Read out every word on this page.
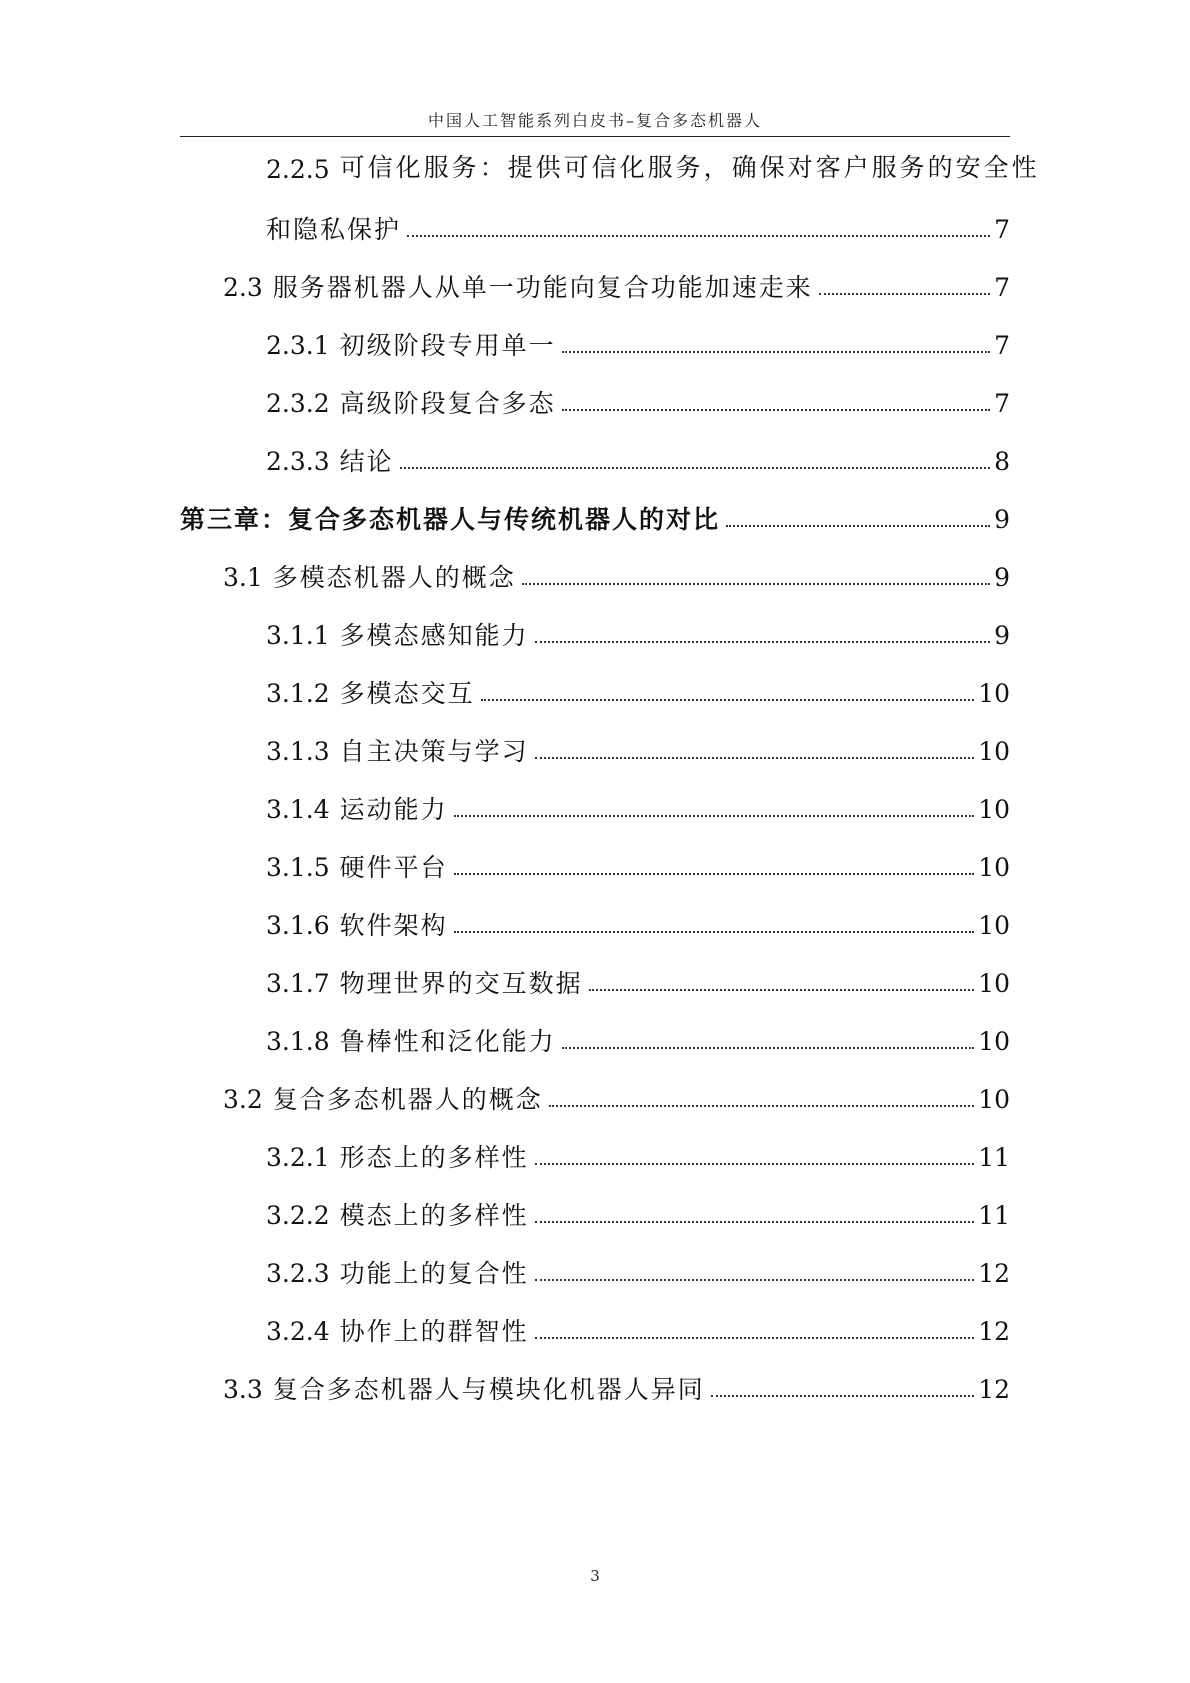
中国人工智能系列白皮书–复合多态机器人
2.2.5 可信化服务：提供可信化服务，确保对客户服务的安全性
和隐私保护	7
2.3 服务器机器人从单一功能向复合功能加速走来	7
2.3.1 初级阶段专用单一	7
2.3.2 高级阶段复合多态	7
2.3.3 结论	8
第三章：复合多态机器人与传统机器人的对比	9
3.1 多模态机器人的概念	9
3.1.1 多模态感知能力	9
3.1.2 多模态交互	10
3.1.3 自主决策与学习	10
3.1.4 运动能力	10
3.1.5 硬件平台	10
3.1.6 软件架构	10
3.1.7 物理世界的交互数据	10
3.1.8 鲁棒性和泛化能力	10
3.2 复合多态机器人的概念	10
3.2.1 形态上的多样性	11
3.2.2 模态上的多样性	11
3.2.3 功能上的复合性	12
3.2.4 协作上的群智性	12
3.3 复合多态机器人与模块化机器人异同	12
3
